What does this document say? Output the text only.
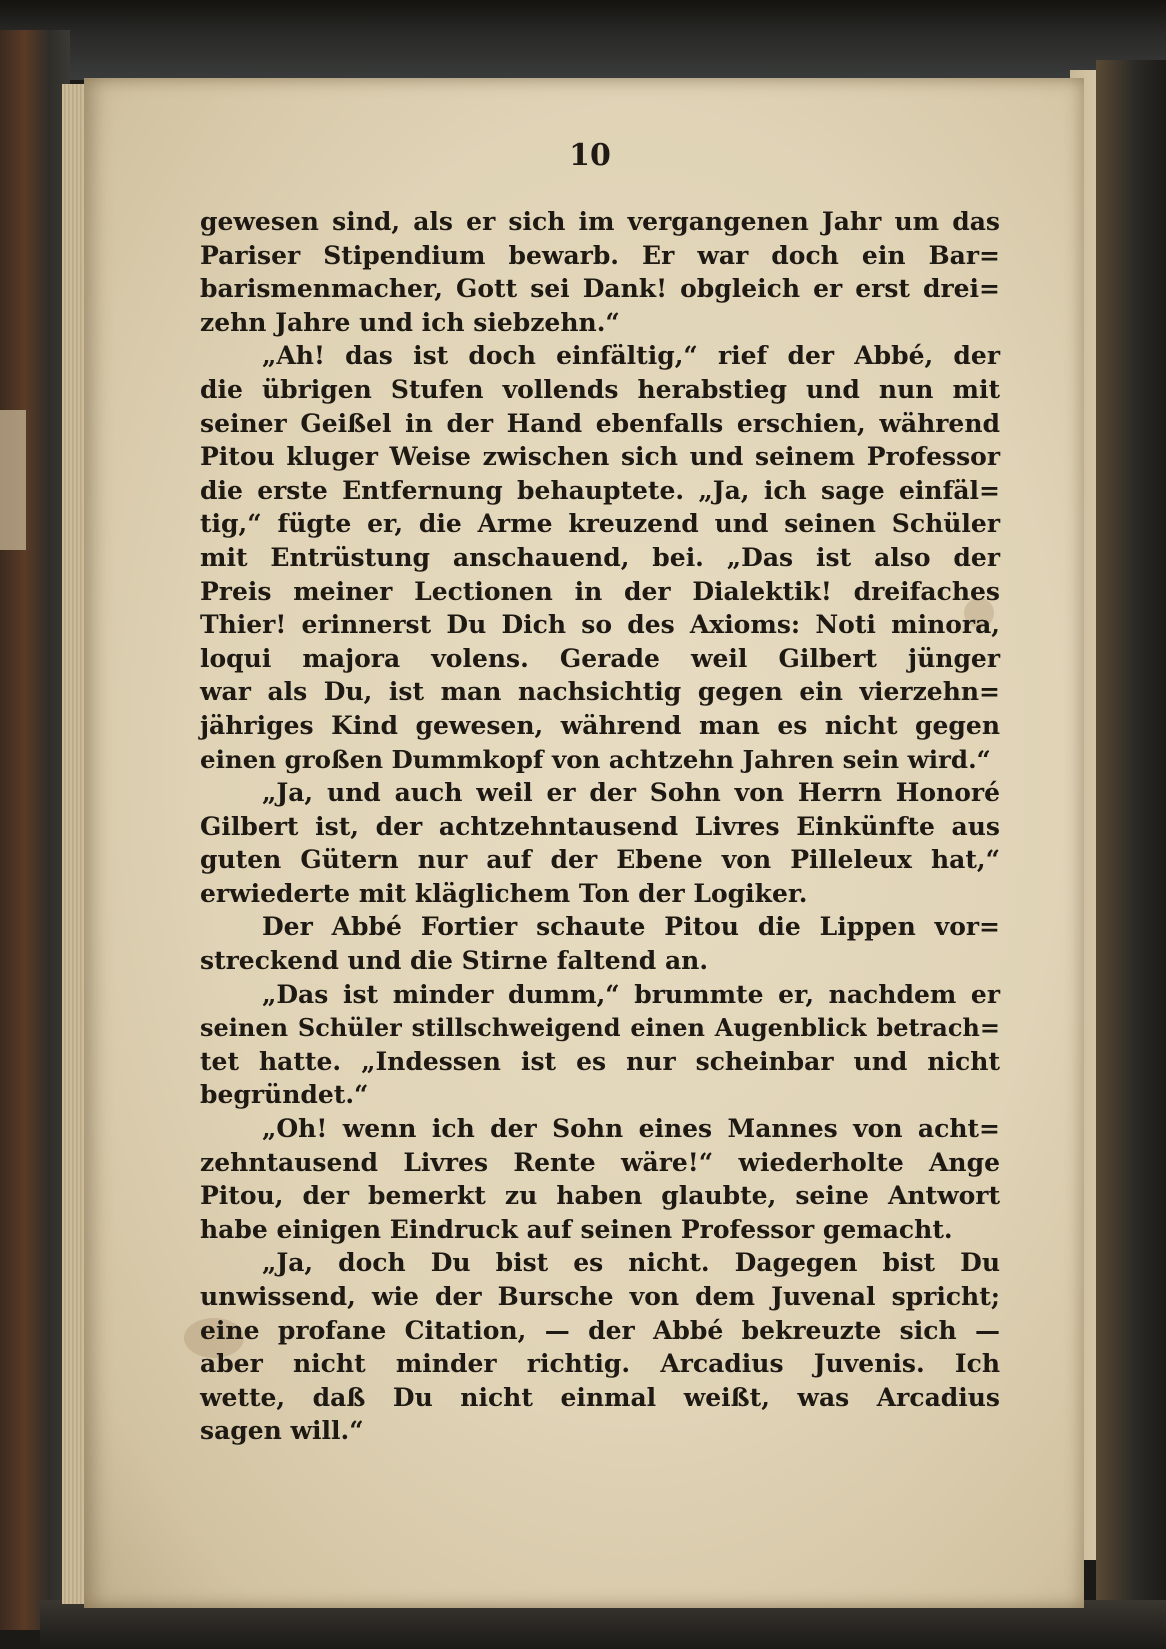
10
gewesen sind, als er sich im vergangenen Jahr um das
Pariser Stipendium bewarb. Er war doch ein Bar=
barismenmacher, Gott sei Dank! obgleich er erst drei=
zehn Jahre und ich siebzehn.“
„Ah! das ist doch einfältig,“ rief der Abbé, der
die übrigen Stufen vollends herabstieg und nun mit
seiner Geißel in der Hand ebenfalls erschien, während
Pitou kluger Weise zwischen sich und seinem Professor
die erste Entfernung behauptete. „Ja, ich sage einfäl=
tig,“ fügte er, die Arme kreuzend und seinen Schüler
mit Entrüstung anschauend, bei. „Das ist also der
Preis meiner Lectionen in der Dialektik! dreifaches
Thier! erinnerst Du Dich so des Axioms: Noti minora,
loqui majora volens. Gerade weil Gilbert jünger
war als Du, ist man nachsichtig gegen ein vierzehn=
jähriges Kind gewesen, während man es nicht gegen
einen großen Dummkopf von achtzehn Jahren sein wird.“
„Ja, und auch weil er der Sohn von Herrn Honoré
Gilbert ist, der achtzehntausend Livres Einkünfte aus
guten Gütern nur auf der Ebene von Pilleleux hat,“
erwiederte mit kläglichem Ton der Logiker.
Der Abbé Fortier schaute Pitou die Lippen vor=
streckend und die Stirne faltend an.
„Das ist minder dumm,“ brummte er, nachdem er
seinen Schüler stillschweigend einen Augenblick betrach=
tet hatte. „Indessen ist es nur scheinbar und nicht
begründet.“
„Oh! wenn ich der Sohn eines Mannes von acht=
zehntausend Livres Rente wäre!“ wiederholte Ange
Pitou, der bemerkt zu haben glaubte, seine Antwort
habe einigen Eindruck auf seinen Professor gemacht.
„Ja, doch Du bist es nicht. Dagegen bist Du
unwissend, wie der Bursche von dem Juvenal spricht;
eine profane Citation, — der Abbé bekreuzte sich —
aber nicht minder richtig. Arcadius Juvenis. Ich
wette, daß Du nicht einmal weißt, was Arcadius
sagen will.“
